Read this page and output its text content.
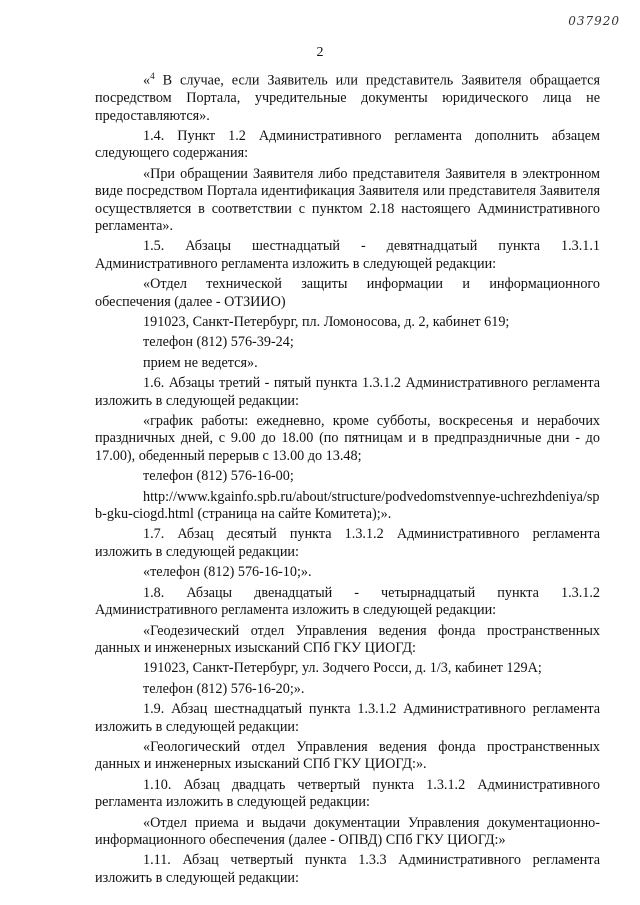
037920
2

«$^4$ В случае, если Заявитель или представитель Заявителя обращается посредством Портала, учредительные документы юридического лица не предоставляются».

1.4. Пункт 1.2 Административного регламента дополнить абзацем следующего содержания:

«При обращении Заявителя либо представителя Заявителя в электронном виде посредством Портала идентификация Заявителя или представителя Заявителя осуществляется в соответствии с пунктом 2.18 настоящего Административного регламента».

1.5. Абзацы шестнадцатый - девятнадцатый пункта 1.3.1.1 Административного регламента изложить в следующей редакции:

«Отдел технической защиты информации и информационного обеспечения (далее - ОТЗИИО)

191023, Санкт-Петербург, пл. Ломоносова, д. 2, кабинет 619;

телефон (812) 576-39-24;

прием не ведется».

1.6. Абзацы третий - пятый пункта 1.3.1.2 Административного регламента изложить в следующей редакции:

«график работы: ежедневно, кроме субботы, воскресенья и нерабочих праздничных дней, с 9.00 до 18.00 (по пятницам и в предпраздничные дни - до 17.00), обеденный перерыв с 13.00 до 13.48;

телефон (812) 576-16-00;

http://www.kgainfo.spb.ru/about/structure/podvedomstvennye-uchrezhdeniya/spb-gku-ciogd.html (страница на сайте Комитета);».

1.7. Абзац десятый пункта 1.3.1.2 Административного регламента изложить в следующей редакции:

«телефон (812) 576-16-10;».

1.8. Абзацы двенадцатый - четырнадцатый пункта 1.3.1.2 Административного регламента изложить в следующей редакции:

«Геодезический отдел Управления ведения фонда пространственных данных и инженерных изысканий СПб ГКУ ЦИОГД:

191023, Санкт-Петербург, ул. Зодчего Росси, д. 1/3, кабинет 129А;

телефон (812) 576-16-20;».

1.9. Абзац шестнадцатый пункта 1.3.1.2 Административного регламента изложить в следующей редакции:

«Геологический отдел Управления ведения фонда пространственных данных и инженерных изысканий СПб ГКУ ЦИОГД:».

1.10. Абзац двадцать четвертый пункта 1.3.1.2 Административного регламента изложить в следующей редакции:

«Отдел приема и выдачи документации Управления документационно-информационного обеспечения (далее - ОПВД) СПб ГКУ ЦИОГД:»

1.11. Абзац четвертый пункта 1.3.3 Административного регламента изложить в следующей редакции:
